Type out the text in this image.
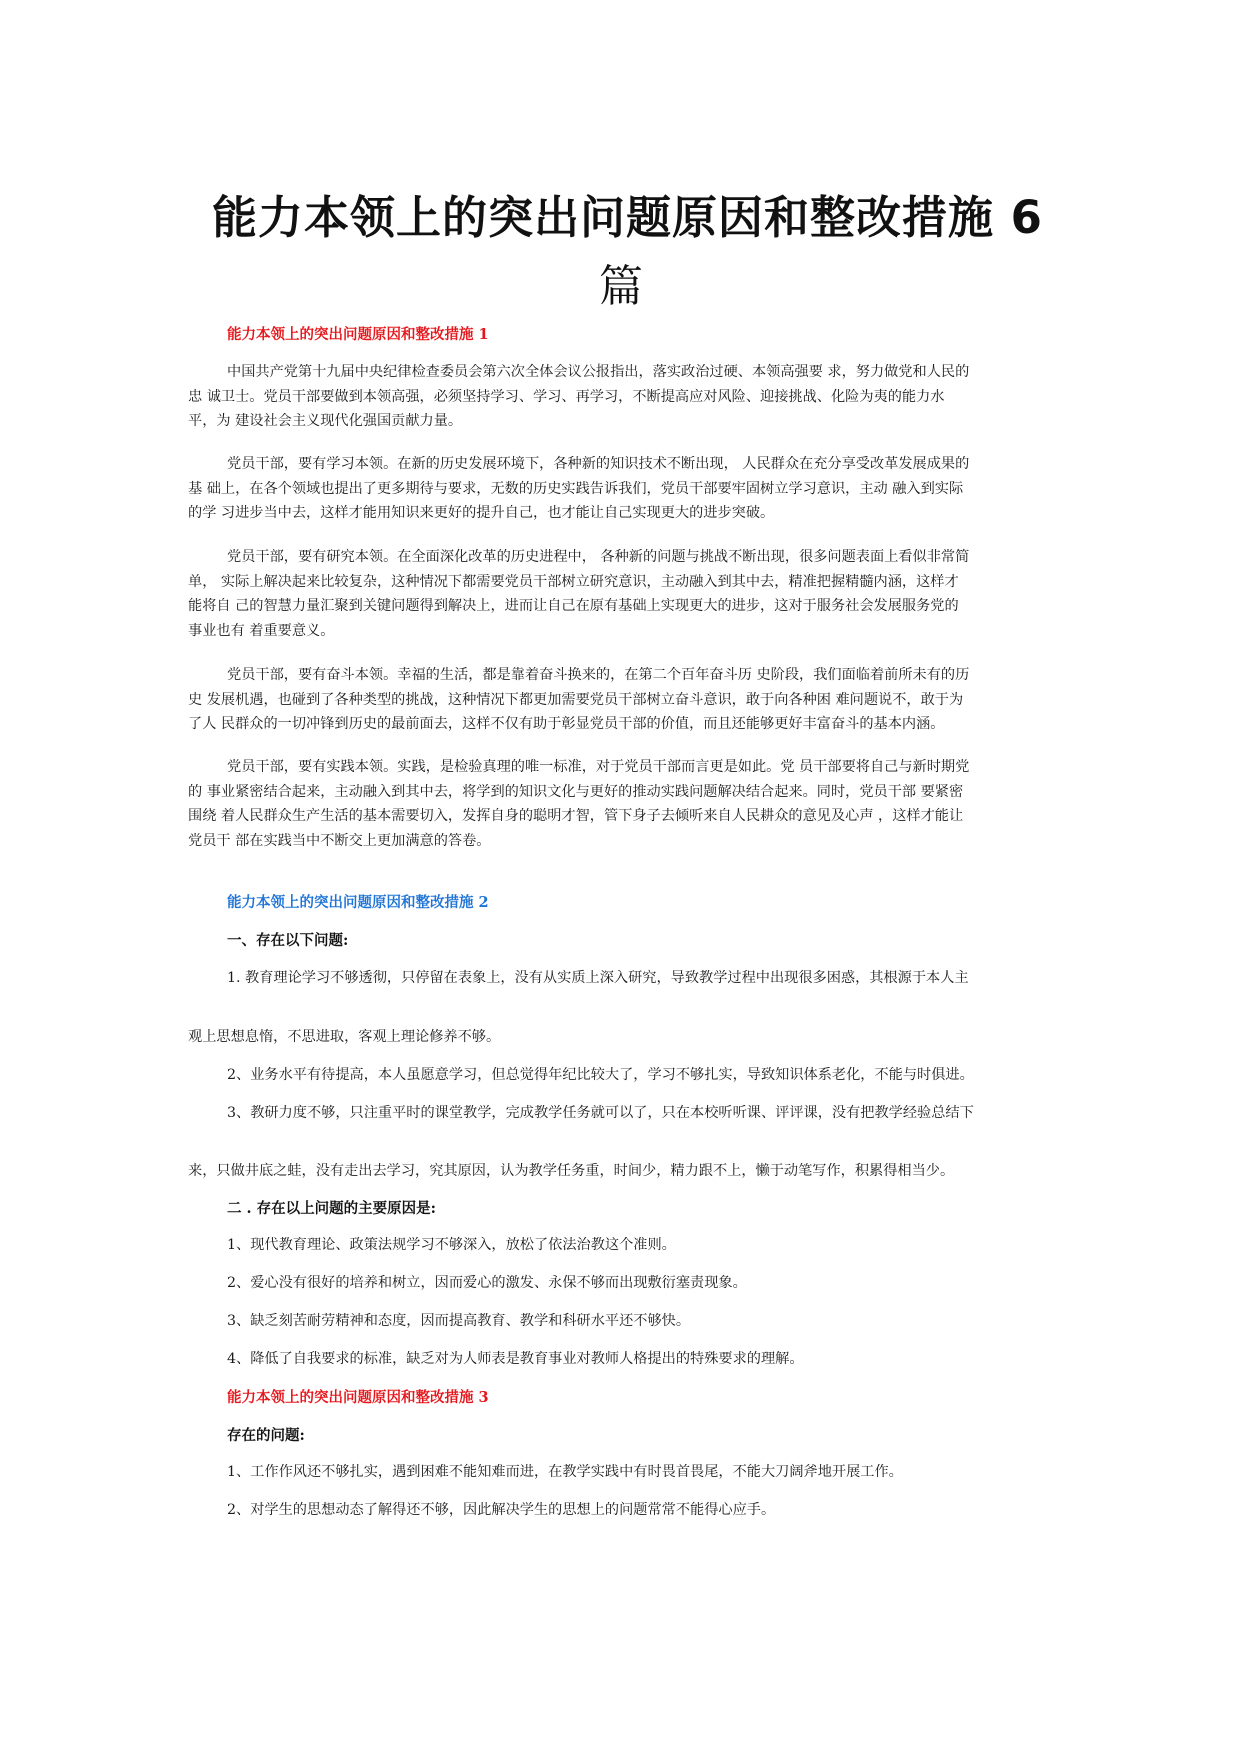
能力本领上的突出问题原因和整改措施 6
篇
能力本领上的突出问题原因和整改措施 1
中国共产党第十九届中央纪律检查委员会第六次全体会议公报指出，落实政治过硬、本领高强要 求，努力做党和人民的
忠 诚卫士。党员干部要做到本领高强，必须坚持学习、学习、再学习，不断提高应对风险、迎接挑战、化险为夷的能力水
平，为 建设社会主义现代化强国贡献力量。
党员干部，要有学习本领。在新的历史发展环境下，各种新的知识技术不断出现， 人民群众在充分享受改革发展成果的
基 础上，在各个领域也提出了更多期待与要求，无数的历史实践告诉我们，党员干部要牢固树立学习意识，主动 融入到实际
的学 习进步当中去，这样才能用知识来更好的提升自己，也才能让自己实现更大的进步突破。
党员干部，要有研究本领。在全面深化改革的历史进程中， 各种新的问题与挑战不断出现，很多问题表面上看似非常简
单， 实际上解决起来比较复杂，这种情况下都需要党员干部树立研究意识，主动融入到其中去，精准把握精髓内涵，这样才
能将自 己的智慧力量汇聚到关键问题得到解决上，进而让自己在原有基础上实现更大的进步，这对于服务社会发展服务党的
事业也有 着重要意义。
党员干部，要有奋斗本领。幸福的生活，都是靠着奋斗换来的，在第二个百年奋斗历 史阶段，我们面临着前所未有的历
史 发展机遇，也碰到了各种类型的挑战，这种情况下都更加需要党员干部树立奋斗意识，敢于向各种困 难问题说不，敢于为
了人 民群众的一切冲锋到历史的最前面去，这样不仅有助于彰显党员干部的价值，而且还能够更好丰富奋斗的基本内涵。
党员干部，要有实践本领。实践，是检验真理的唯一标准，对于党员干部而言更是如此。党 员干部要将自己与新时期党
的 事业紧密结合起来，主动融入到其中去，将学到的知识文化与更好的推动实践问题解决结合起来。同时，党员干部 要紧密
围绕 着人民群众生产生活的基本需要切入，发挥自身的聪明才智，管下身子去倾听来自人民耕众的意见及心声 ，这样才能让
党员干 部在实践当中不断交上更加满意的答卷。
能力本领上的突出问题原因和整改措施 2
一、存在以下问题:
1. 教育理论学习不够透彻，只停留在表象上，没有从实质上深入研究，导致教学过程中出现很多困惑，其根源于本人主
观上思想息惰，不思进取，客观上理论修养不够。
2、业务水平有待提高，本人虽愿意学习，但总觉得年纪比较大了，学习不够扎实，导致知识体系老化，不能与时俱进。
3、教研力度不够，只注重平时的课堂教学，完成教学任务就可以了，只在本校听听课、评评课，没有把教学经验总结下
来，只做井底之蛙，没有走出去学习，究其原因，认为教学任务重，时间少，精力跟不上，懒于动笔写作，积累得相当少。
二 . 存在以上问题的主要原因是:
1、现代教育理论、政策法规学习不够深入，放松了依法治教这个准则。
2、爱心没有很好的培养和树立，因而爱心的激发、永保不够而出现敷衍塞责现象。
3、缺乏刻苦耐劳精神和态度，因而提高教育、教学和科研水平还不够快。
4、降低了自我要求的标准，缺乏对为人师表是教育事业对教师人格提出的特殊要求的理解。
能力本领上的突出问题原因和整改措施 3
存在的问题:
1、工作作风还不够扎实，遇到困难不能知难而进，在教学实践中有时畏首畏尾，不能大刀阔斧地开展工作。
2、对学生的思想动态了解得还不够，因此解决学生的思想上的问题常常不能得心应手。
